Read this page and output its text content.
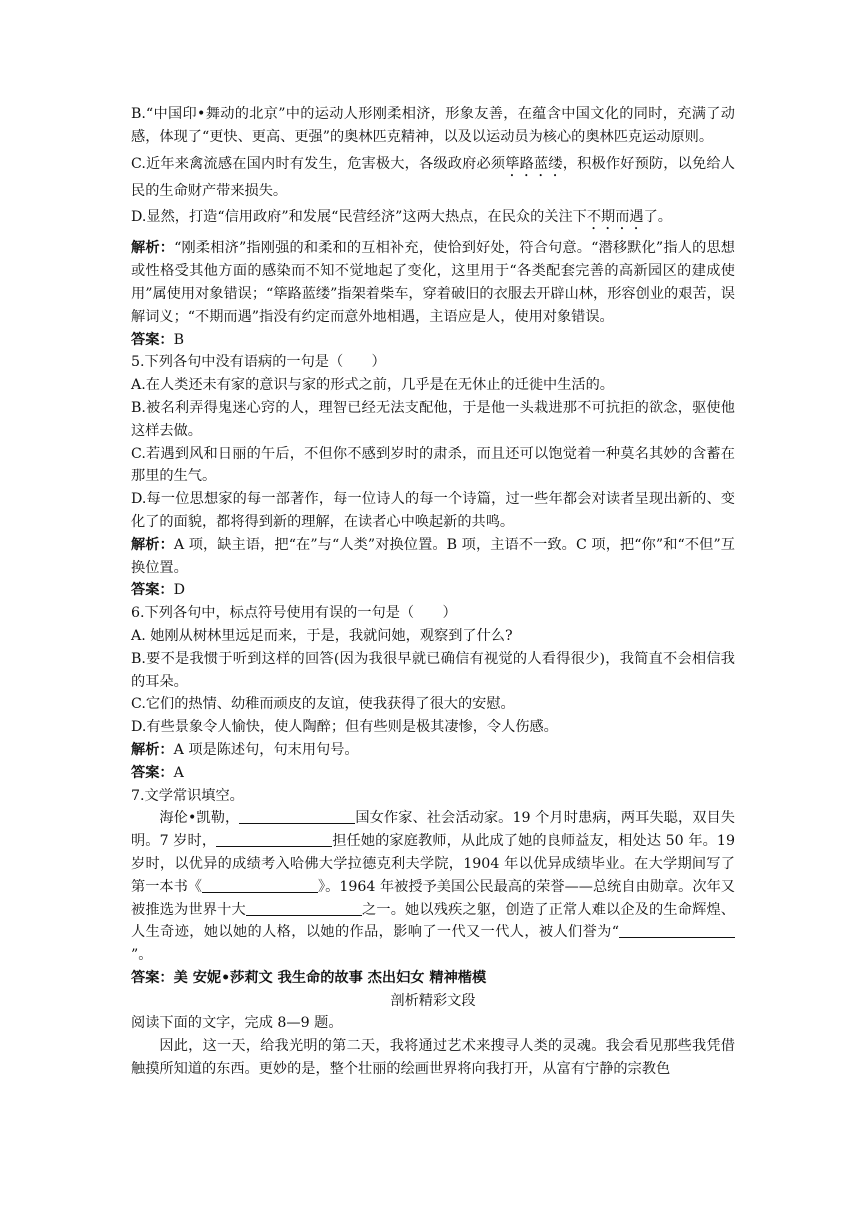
B.“中国印•舞动的北京”中的运动人形刚柔相济，形象友善，在蕴含中国文化的同时，充满了动感，体现了“更快、更高、更强”的奥林匹克精神，以及以运动员为核心的奥林匹克运动原则。

C.近年来禽流感在国内时有发生，危害极大，各级政府必须筚路蓝缕，积极作好预防，以免给人民的生命财产带来损失。

D.显然，打造“信用政府”和发展“民营经济”这两大热点，在民众的关注下不期而遇了。

解析：“刚柔相济”指刚强的和柔和的互相补充，使恰到好处，符合句意。“潜移默化”指人的思想或性格受其他方面的感染而不知不觉地起了变化，这里用于“各类配套完善的高新园区的建成使用”属使用对象错误；“筚路蓝缕”指架着柴车，穿着破旧的衣服去开辟山林，形容创业的艰苦，误解词义；“不期而遇”指没有约定而意外地相遇，主语应是人，使用对象错误。

答案：B

5.下列各句中没有语病的一句是（　　）

A.在人类还未有家的意识与家的形式之前，几乎是在无休止的迁徙中生活的。

B.被名利弄得鬼迷心窍的人，理智已经无法支配他，于是他一头栽进那不可抗拒的欲念，驱使他这样去做。

C.若遇到风和日丽的午后，不但你不感到岁时的肃杀，而且还可以饱觉着一种莫名其妙的含蓄在那里的生气。

D.每一位思想家的每一部著作，每一位诗人的每一个诗篇，过一些年都会对读者呈现出新的、变化了的面貌，都将得到新的理解，在读者心中唤起新的共鸣。

解析：A 项，缺主语，把“在”与“人类”对换位置。B 项，主语不一致。C 项，把“你”和“不但”互换位置。

答案：D

6.下列各句中，标点符号使用有误的一句是（　　）

A. 她刚从树林里远足而来，于是，我就问她，观察到了什么?

B.要不是我惯于听到这样的回答(因为我很早就已确信有视觉的人看得很少)，我简直不会相信我的耳朵。

C.它们的热情、幼稚而顽皮的友谊，使我获得了很大的安慰。

D.有些景象令人愉快，使人陶醉；但有些则是极其凄惨，令人伤感。

解析：A 项是陈述句，句末用句号。

答案：A

7.文学常识填空。

海伦•凯勒，	国女作家、社会活动家。19 个月时患病，两耳失聪，双目失明。7 岁时，	担任她的家庭教师，从此成了她的良师益友，相处达 50 年。19 岁时，以优异的成绩考入哈佛大学拉德克利夫学院，1904 年以优异成绩毕业。在大学期间写了第一本书《	》。1964 年被授予美国公民最高的荣誉——总统自由勋章。次年又被推选为世界十大	之一。她以残疾之躯，创造了正常人难以企及的生命辉煌、人生奇迹，她以她的人格，以她的作品，影响了一代又一代人，被人们誉为“”。

答案：美 安妮•莎莉文 我生命的故事 杰出妇女 精神楷模

剖析精彩文段

阅读下面的文字，完成 8—9 题。

因此，这一天，给我光明的第二天，我将通过艺术来搜寻人类的灵魂。我会看见那些我凭借触摸所知道的东西。更妙的是，整个壮丽的绘画世界将向我打开，从富有宁静的宗教色
